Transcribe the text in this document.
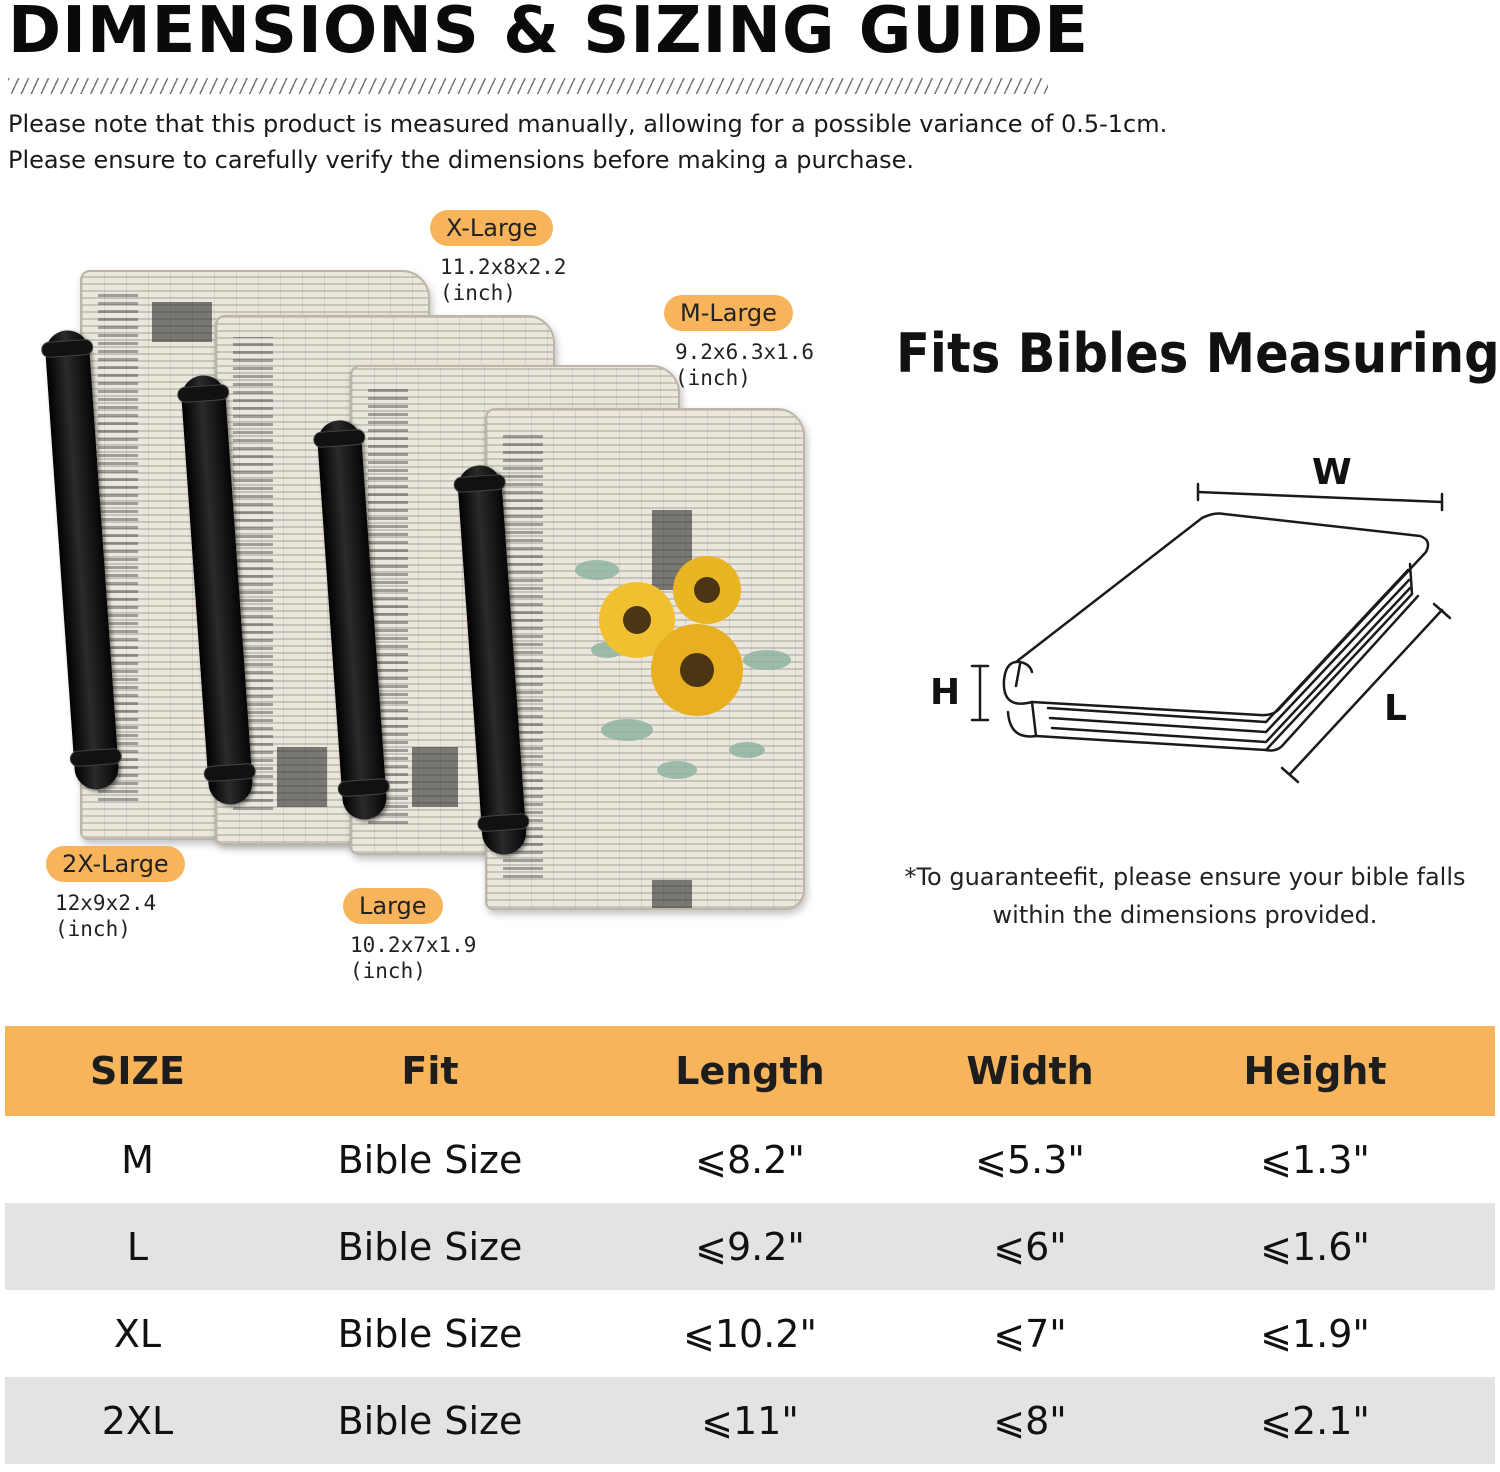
DIMENSIONS & SIZING GUIDE
Please note that this product is measured manually, allowing for a possible variance of 0.5-1cm.
Please ensure to carefully verify the dimensions before making a purchase.
X-Large
11.2x8x2.2
(inch)
M-Large
9.2x6.3x1.6
(inch)
2X-Large
12x9x2.4
(inch)
Large
10.2x7x1.9
(inch)
Fits Bibles Measuring
W
H	L
*To guaranteefit, please ensure your bible falls
within the dimensions provided.
SIZE	Fit	Length	Width	Height
M	Bible Size	⩽8.2"	⩽5.3"	⩽1.3"
L	Bible Size	⩽9.2"	⩽6"	⩽1.6"
XL	Bible Size	⩽10.2"	⩽7"	⩽1.9"
2XL	Bible Size	⩽11"	⩽8"	⩽2.1"
